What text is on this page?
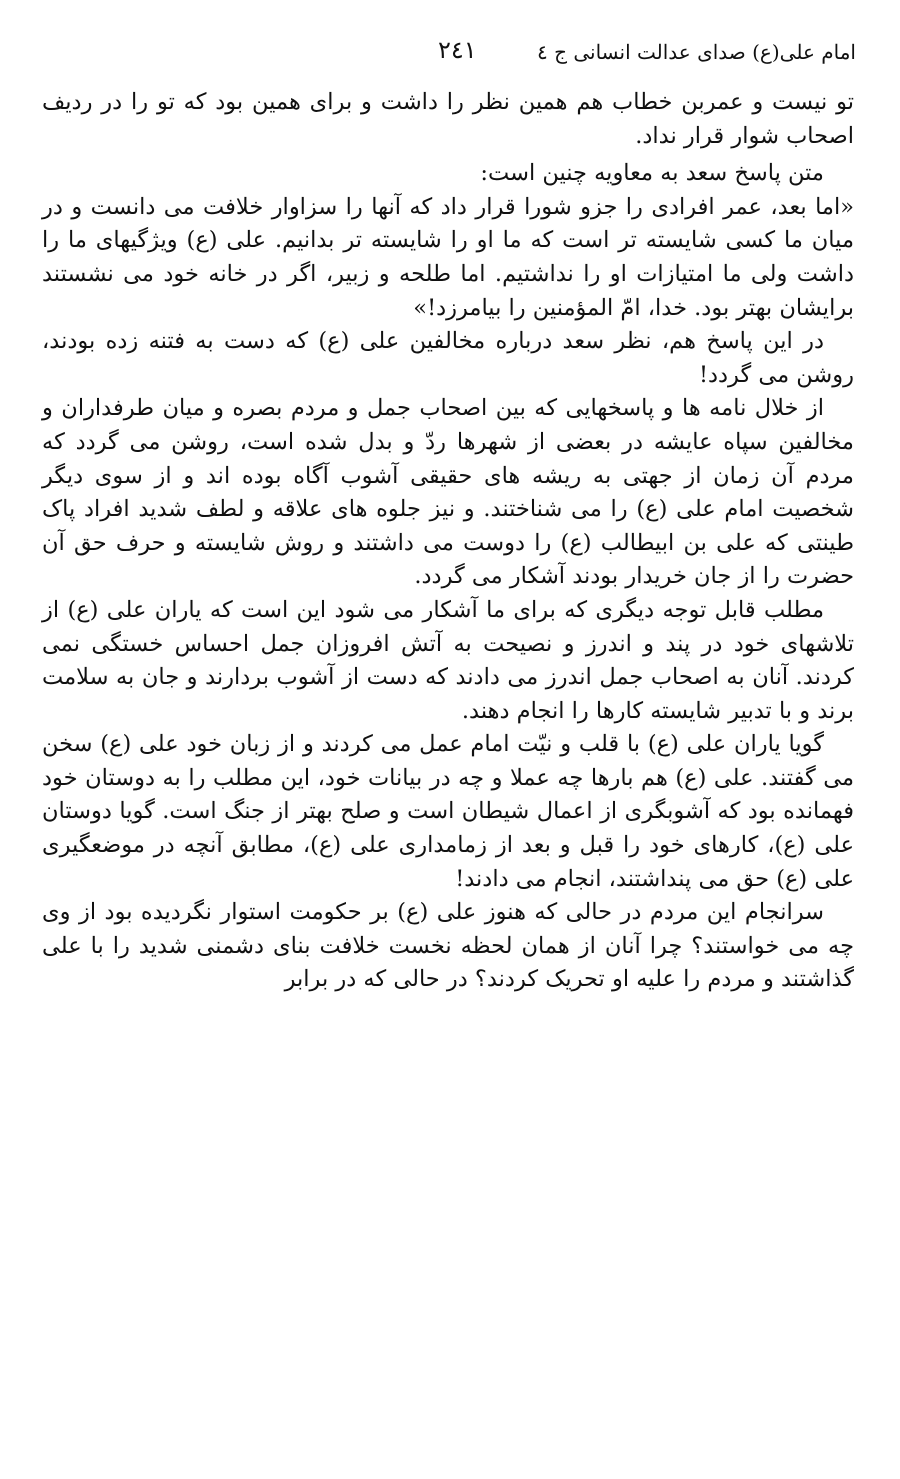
امام علی(ع) صدای عدالت انسانی ج ٤
٢٤١

تو نیست و عمربن خطاب هم همین نظر را داشت و برای همین بود که تو را در ردیف اصحاب شوار قرار نداد.

متن پاسخ سعد به معاویه چنین است:

«اما بعد، عمر افرادی را جزو شورا قرار داد که آنها را سزاوار خلافت می دانست و در میان ما کسی شایسته تر است که ما او را شایسته تر بدانیم. علی (ع) ویژگیهای ما را داشت ولی ما امتیازات او را نداشتیم. اما طلحه و زبیر، اگر در خانه خود می نشستند برایشان بهتر بود. خدا، امّ المؤمنین را بیامرزد!»

در این پاسخ هم، نظر سعد درباره مخالفین علی (ع) که دست به فتنه زده بودند، روشن می گردد!

از خلال نامه ها و پاسخهایی که بین اصحاب جمل و مردم بصره و میان طرفداران و مخالفین سپاه عایشه در بعضی از شهرها ردّ و بدل شده است، روشن می گردد که مردم آن زمان از جهتی به ریشه های حقیقی آشوب آگاه بوده اند و از سوی دیگر شخصیت امام علی (ع) را می شناختند. و نیز جلوه های علاقه و لطف شدید افراد پاک طینتی که علی بن ابیطالب (ع) را دوست می داشتند و روش شایسته و حرف حق آن حضرت را از جان خریدار بودند آشکار می گردد.

مطلب قابل توجه دیگری که برای ما آشکار می شود این است که یاران علی (ع) از تلاشهای خود در پند و اندرز و نصیحت به آتش افروزان جمل احساس خستگی نمی کردند. آنان به اصحاب جمل اندرز می دادند که دست از آشوب بردارند و جان به سلامت برند و با تدبیر شایسته کارها را انجام دهند.

گویا یاران علی (ع) با قلب و نیّت امام عمل می کردند و از زبان خود علی (ع) سخن می گفتند. علی (ع) هم بارها چه عملا و چه در بیانات خود، این مطلب را به دوستان خود فهمانده بود که آشوبگری از اعمال شیطان است و صلح بهتر از جنگ است. گویا دوستان علی (ع)، کارهای خود را قبل و بعد از زمامداری علی (ع)، مطابق آنچه در موضعگیری علی (ع) حق می پنداشتند، انجام می دادند!

سرانجام این مردم در حالی که هنوز علی (ع) بر حکومت استوار نگردیده بود از وی چه می خواستند؟ چرا آنان از همان لحظه نخست خلافت بنای دشمنی شدید را با علی گذاشتند و مردم را علیه او تحریک کردند؟ در حالی که در برابر
